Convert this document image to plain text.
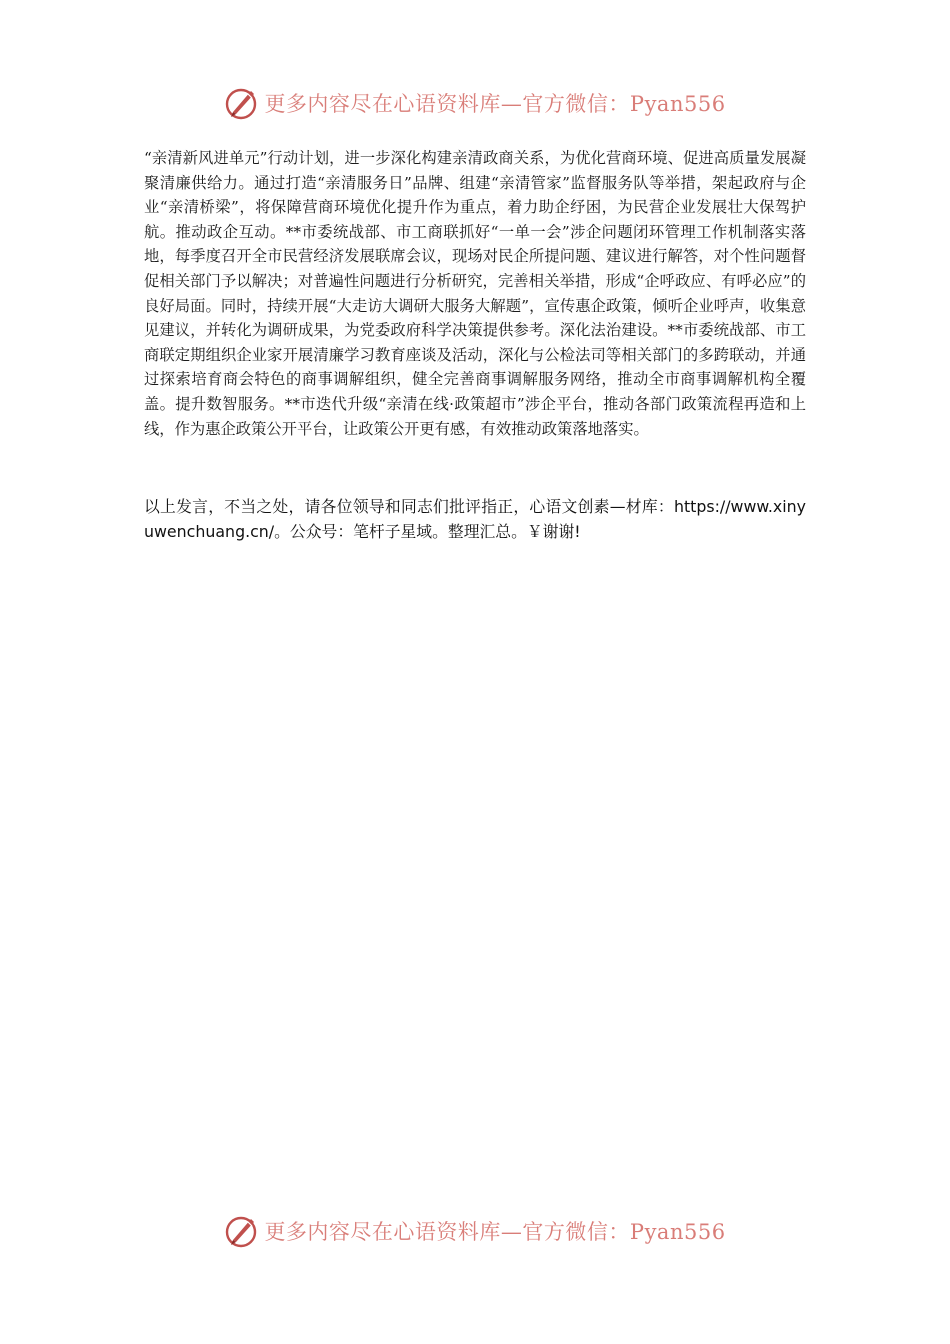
更多内容尽在心语资料库—官方微信：Pyan556

“亲清新风进单元”行动计划，进一步深化构建亲清政商关系，为优化营商环境、促进高质量发展凝聚清廉供给力。通过打造“亲清服务日”品牌、组建“亲清管家”监督服务队等举措，架起政府与企业“亲清桥梁”，将保障营商环境优化提升作为重点，着力助企纾困，为民营企业发展壮大保驾护航。推动政企互动。**市委统战部、市工商联抓好“一单一会”涉企问题闭环管理工作机制落实落地，每季度召开全市民营经济发展联席会议，现场对民企所提问题、建议进行解答，对个性问题督促相关部门予以解决；对普遍性问题进行分析研究，完善相关举措，形成“企呼政应、有呼必应”的良好局面。同时，持续开展“大走访大调研大服务大解题”，宣传惠企政策，倾听企业呼声，收集意见建议，并转化为调研成果，为党委政府科学决策提供参考。深化法治建设。**市委统战部、市工商联定期组织企业家开展清廉学习教育座谈及活动，深化与公检法司等相关部门的多跨联动，并通过探索培育商会特色的商事调解组织，健全完善商事调解服务网络，推动全市商事调解机构全覆盖。提升数智服务。**市迭代升级“亲清在线·政策超市”涉企平台，推动各部门政策流程再造和上线，作为惠企政策公开平台，让政策公开更有感，有效推动政策落地落实。

以上发言，不当之处，请各位领导和同志们批评指正，心语文创素—材库：https://www.xinyuwenchuang.cn/。公众号：笔杆子星域。整理汇总。￥谢谢!
更多内容尽在心语资料库—官方微信：Pyan556
